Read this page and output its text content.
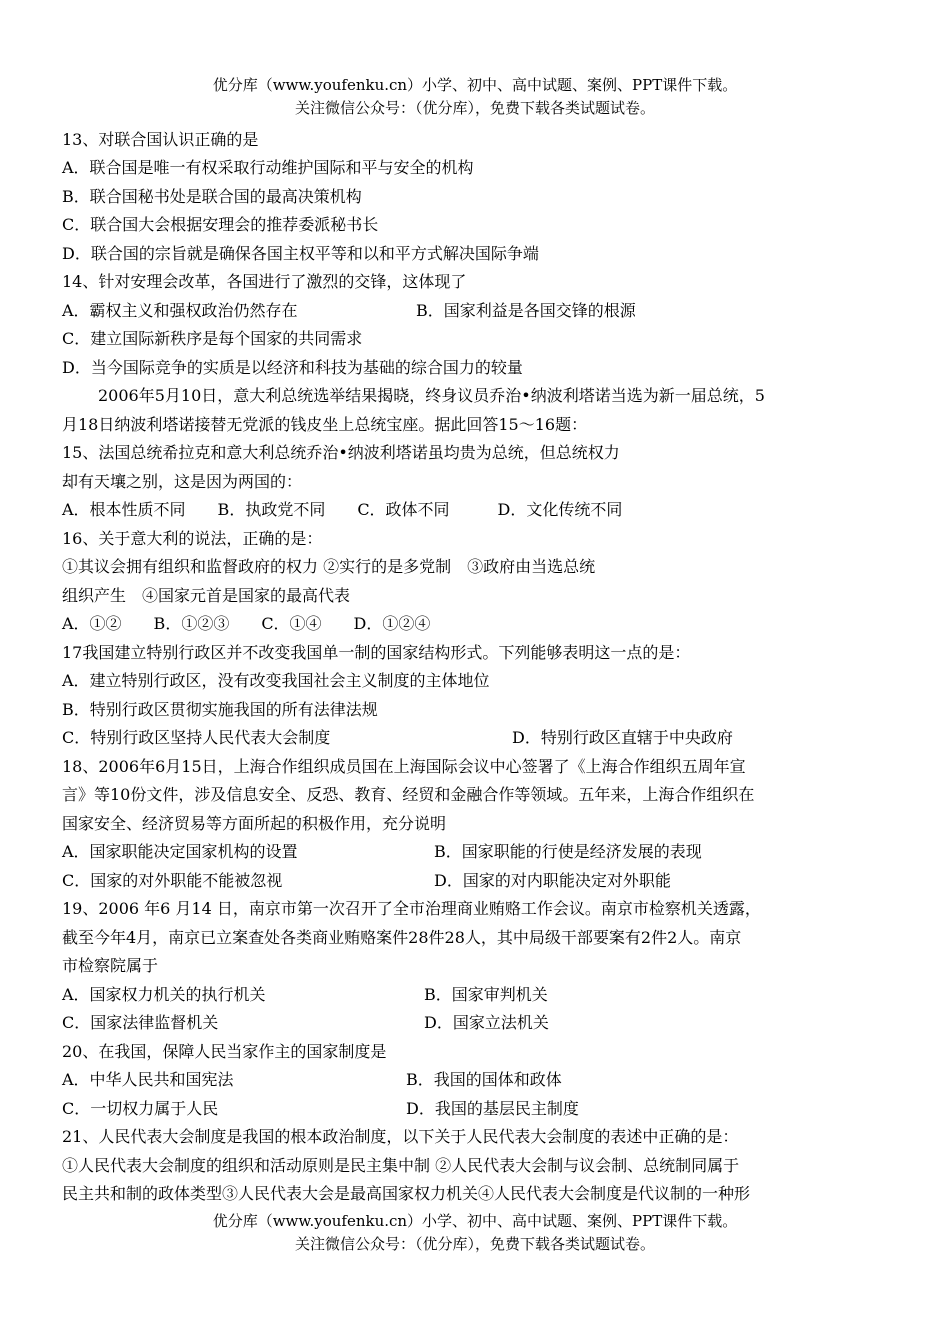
优分库（www.youfenku.cn）小学、初中、高中试题、案例、PPT课件下载。
关注微信公众号：（优分库），免费下载各类试题试卷。
13、对联合国认识正确的是
A．联合国是唯一有权采取行动维护国际和平与安全的机构
B．联合国秘书处是联合国的最高决策机构
C．联合国大会根据安理会的推荐委派秘书长
D．联合国的宗旨就是确保各国主权平等和以和平方式解决国际争端
14、针对安理会改革，各国进行了激烈的交锋，这体现了
A．霸权主义和强权政治仍然存在	B．国家利益是各国交锋的根源
C．建立国际新秩序是每个国家的共同需求
D．当今国际竞争的实质是以经济和科技为基础的综合国力的较量
2006年5月10日，意大利总统选举结果揭晓，终身议员乔治•纳波利塔诺当选为新一届总统，5
月18日纳波利塔诺接替无党派的钱皮坐上总统宝座。据此回答15～16题：
15、法国总统希拉克和意大利总统乔治•纳波利塔诺虽均贵为总统，但总统权力
却有天壤之别，这是因为两国的：
A．根本性质不同　　B．执政党不同　　C．政体不同　　　D．文化传统不同
16、关于意大利的说法，正确的是：
①其议会拥有组织和监督政府的权力 ②实行的是多党制　③政府由当选总统
组织产生　④国家元首是国家的最高代表
A．①②　　B．①②③　　C．①④　　D．①②④
17我国建立特别行政区并不改变我国单一制的国家结构形式。下列能够表明这一点的是：
A．建立特别行政区，没有改变我国社会主义制度的主体地位
B．特别行政区贯彻实施我国的所有法律法规
C．特别行政区坚持人民代表大会制度	D．特别行政区直辖于中央政府
18、2006年6月15日，上海合作组织成员国在上海国际会议中心签署了《上海合作组织五周年宣
言》等10份文件，涉及信息安全、反恐、教育、经贸和金融合作等领域。五年来，上海合作组织在
国家安全、经济贸易等方面所起的积极作用，充分说明
A．国家职能决定国家机构的设置	B．国家职能的行使是经济发展的表现
C．国家的对外职能不能被忽视	D．国家的对内职能决定对外职能
19、2006 年6 月14 日，南京市第一次召开了全市治理商业贿赂工作会议。南京市检察机关透露，
截至今年4月，南京已立案查处各类商业贿赂案件28件28人，其中局级干部要案有2件2人。南京
市检察院属于
A．国家权力机关的执行机关	B．国家审判机关
C．国家法律监督机关	D．国家立法机关
20、在我国，保障人民当家作主的国家制度是
A．中华人民共和国宪法	B．我国的国体和政体
C．一切权力属于人民	D．我国的基层民主制度
21、人民代表大会制度是我国的根本政治制度，以下关于人民代表大会制度的表述中正确的是：
①人民代表大会制度的组织和活动原则是民主集中制 ②人民代表大会制与议会制、总统制同属于
民主共和制的政体类型③人民代表大会是最高国家权力机关④人民代表大会制度是代议制的一种形
优分库（www.youfenku.cn）小学、初中、高中试题、案例、PPT课件下载。
关注微信公众号：（优分库），免费下载各类试题试卷。
